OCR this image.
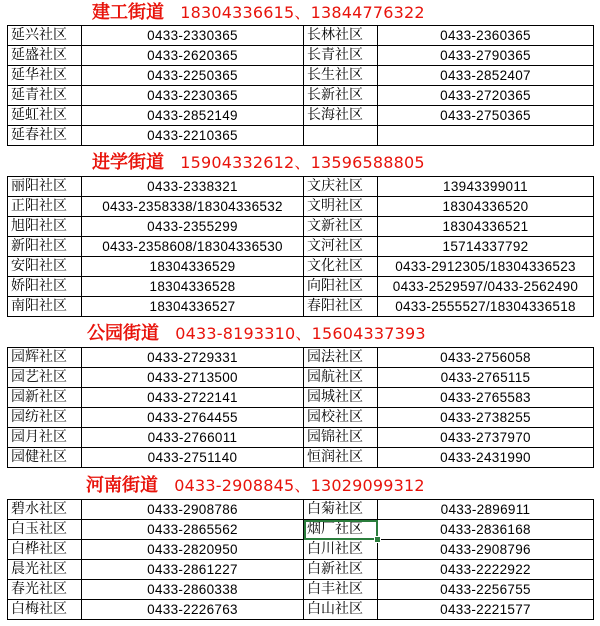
建工街道 18304336615、13844776322
延兴社区	0433-2330365	长林社区	0433-2360365
延盛社区	0433-2620365	长青社区	0433-2790365
延华社区	0433-2250365	长生社区	0433-2852407
延青社区	0433-2230365	长新社区	0433-2720365
延虹社区	0433-2852149	长海社区	0433-2750365
延春社区	0433-2210365		
进学街道 15904332612、13596588805
丽阳社区	0433-2338321	文庆社区	13943399011
正阳社区	0433-2358338/18304336532	文明社区	18304336520
旭阳社区	0433-2355299	文新社区	18304336521
新阳社区	0433-2358608/18304336530	文河社区	15714337792
安阳社区	18304336529	文化社区	0433-2912305/18304336523
娇阳社区	18304336528	向阳社区	0433-2529597/0433-2562490
南阳社区	18304336527	春阳社区	0433-2555527/18304336518
公园街道 0433-8193310、15604337393
园辉社区	0433-2729331	园法社区	0433-2756058
园艺社区	0433-2713500	园航社区	0433-2765115
园新社区	0433-2722141	园城社区	0433-2765583
园纺社区	0433-2764455	园校社区	0433-2738255
园月社区	0433-2766011	园锦社区	0433-2737970
园健社区	0433-2751140	恒润社区	0433-2431990
河南街道 0433-2908845、13029099312
碧水社区	0433-2908786	白菊社区	0433-2896911
白玉社区	0433-2865562	烟厂社区	0433-2836168
白桦社区	0433-2820950	白川社区	0433-2908796
晨光社区	0433-2861227	白新社区	0433-2222922
春光社区	0433-2860338	白丰社区	0433-2256755
白梅社区	0433-2226763	白山社区	0433-2221577
